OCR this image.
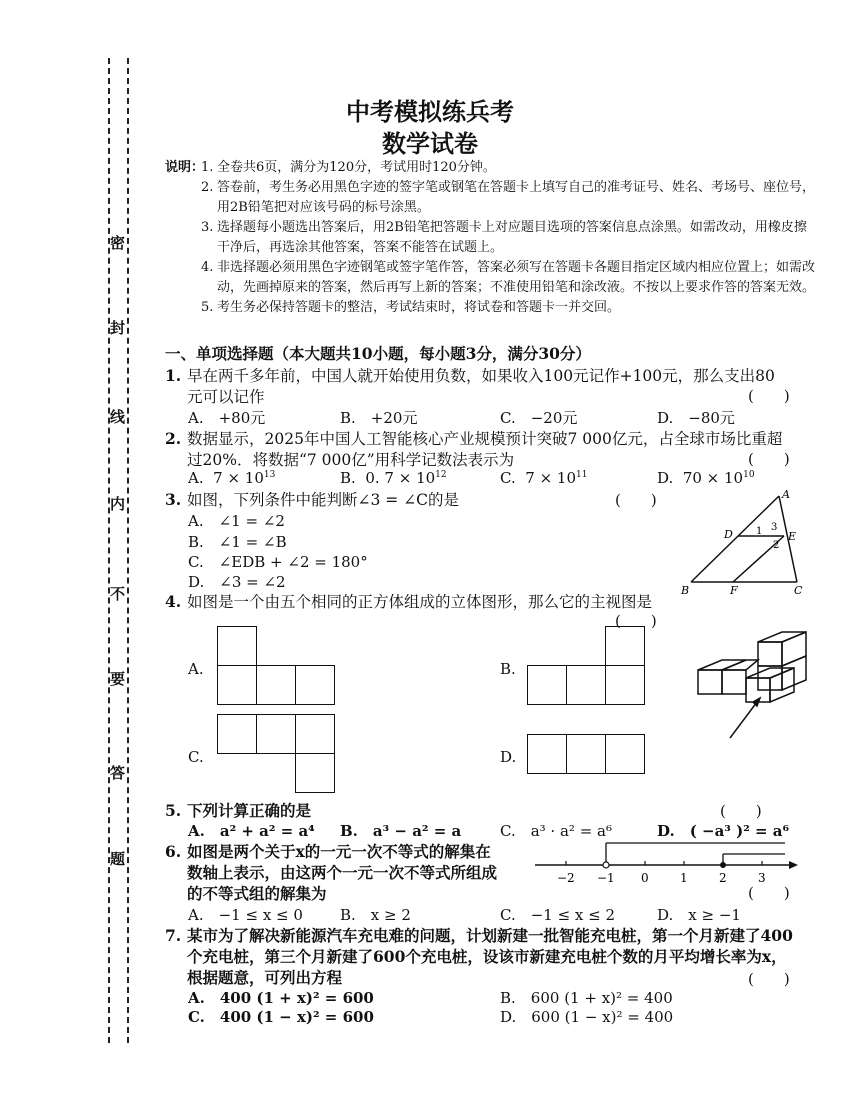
密
封
线
内
不
要
答
题
中考模拟练兵考
数学试卷
说明：
1. 全卷共6页，满分为120分，考试用时120分钟。
2. 答卷前，考生务必用黑色字迹的签字笔或钢笔在答题卡上填写自己的准考证号、姓名、考场号、座位号，用2B铅笔把对应该号码的标号涂黑。
3. 选择题每小题选出答案后，用2B铅笔把答题卡上对应题目选项的答案信息点涂黑。如需改动，用橡皮擦干净后，再选涂其他答案，答案不能答在试题上。
4. 非选择题必须用黑色字迹钢笔或签字笔作答，答案必须写在答题卡各题目指定区域内相应位置上；如需改动，先画掉原来的答案，然后再写上新的答案；不准使用铅笔和涂改液。不按以上要求作答的答案无效。
5. 考生务必保持答题卡的整洁，考试结束时，将试卷和答题卡一并交回。
一、单项选择题（本大题共10小题，每小题3分，满分30分）
1. 早在两千多年前，中国人就开始使用负数，如果收入100元记作+100元，那么支出80
元可以记作	(　　)
A.　+80元	B.　+20元	C.　−20元	D.　−80元
2. 数据显示，2025年中国人工智能核心产业规模预计突破7 000亿元，占全球市场比重超
过20%．将数据“7 000亿”用科学记数法表示为	(　　)
A. $7 \times 10^{13}$	B. 0. $7 \times 10^{12}$	C. $7 \times 10^{11}$	D. $70 \times 10^{10}$
3. 如图，下列条件中能判断∠3 = ∠C的是	(　　)
A.　∠1 = ∠2
B.　∠1 = ∠B
C.　∠EDB + ∠2 = 180°
D.　∠3 = ∠2
A
D	E
B	F	C
1 3
2
4. 如图是一个由五个相同的正方体组成的立体图形，那么它的主视图是
(　　)
A.	B.
C.	D.
5. 下列计算正确的是	(　　)
A.　a² + a² = a⁴ B.　a³ − a² = a	C.　a³ · a² = a⁶	D.　( −a³ )² = a⁶
6. 如图是两个关于x的一元一次不等式的解集在
数轴上表示，由这两个一元一次不等式所组成
的不等式组的解集为
−2 −1 0	1	2	3
(　　)
A.　−1 ≤ x ≤ 0 B.　x ≥ 2	C.　−1 ≤ x ≤ 2	D.　x ≥ −1
7. 某市为了解决新能源汽车充电难的问题，计划新建一批智能充电桩，第一个月新建了400
个充电桩，第三个月新建了600个充电桩，设该市新建充电桩个数的月平均增长率为x，
根据题意，可列出方程	(　　)
A.　400 (1 + x)² = 600	B.　600 (1 + x)² = 400
C.　400 (1 − x)² = 600	D.　600 (1 − x)² = 400
